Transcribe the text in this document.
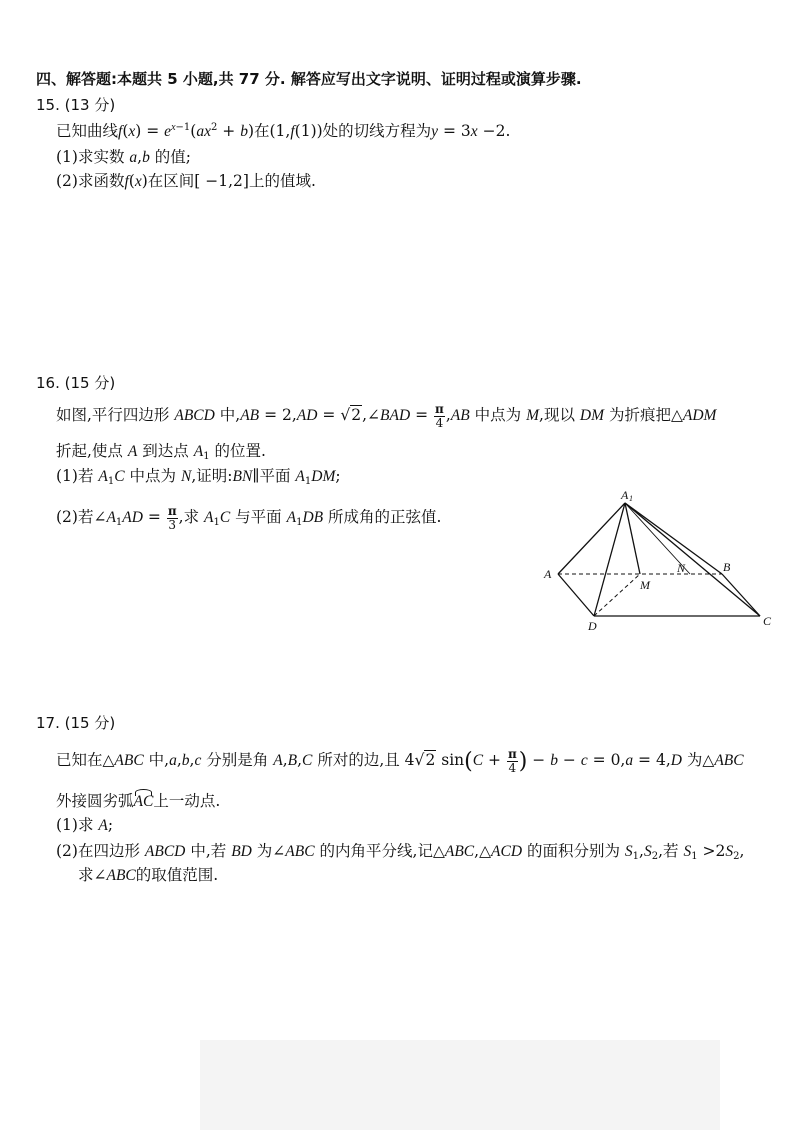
四、解答题:本题共 5 小题,共 77 分. 解答应写出文字说明、证明过程或演算步骤.
15. (13 分)
已知曲线$f(x) = e^{x-1}(ax^2 + b)$在(1,f(1))处的切线方程为y = 3x −2.
(1)求实数 a,b 的值;
(2)求函数f(x)在区间[ −1,2]上的值域.
16. (15 分)
如图,平行四边形 ABCD 中,AB = 2,AD = √2,∠BAD = $\frac{\pi}{4} ,AB$ 中点为 M,现以 DM 为折痕把△ADM
折起,使点 A 到达点 $A_1$ 的位置.
(1)若 $A_1C$ 中点为 N,证明:BN∥平面 $A_1DM$;
(2)若$\angle A_1AD = \frac{\pi}{3}$ ,求 $A_1C$ 与平面 $A_1DB$ 所成角的正弦值.
A 1
A
M
N	B
D	C
17. (15 分)
已知在△ABC 中,a,b,c 分别是角 A,B,C 所对的边,且 4√2 $\sin(C + \frac{\pi}{4}$ ) − b − c = 0,a = 4,D 为△ABC
外接圆劣弧AC上一动点.
(1)求 A;
(2)在四边形 ABCD 中,若 BD 为∠ABC 的内角平分线,记△ABC,△ACD 的面积分别为 $S_1,S_2$,若 $S_1 >2S_2$,
求∠ABC的取值范围.
